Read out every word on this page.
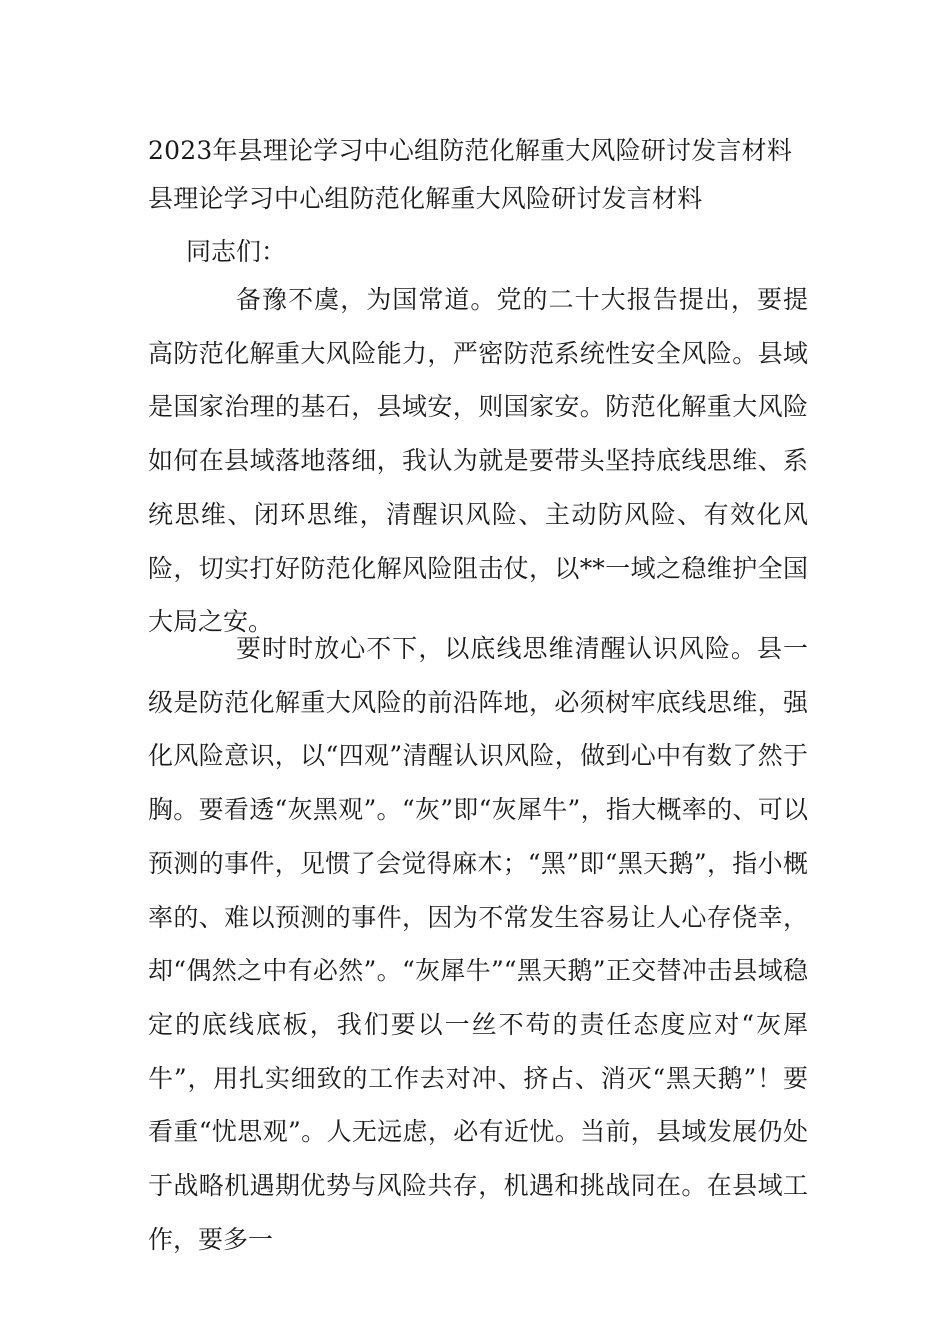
2023年县理论学习中心组防范化解重大风险研讨发言材料
县理论学习中心组防范化解重大风险研讨发言材料
同志们：

备豫不虞，为国常道。党的二十大报告提出，要提高防范化解重大风险能力，严密防范系统性安全风险。县域是国家治理的基石，县域安，则国家安。防范化解重大风险如何在县域落地落细，我认为就是要带头坚持底线思维、系统思维、闭环思维，清醒识风险、主动防风险、有效化风险，切实打好防范化解风险阻击仗，以**一域之稳维护全国大局之安。

要时时放心不下，以底线思维清醒认识风险。县一级是防范化解重大风险的前沿阵地，必须树牢底线思维，强化风险意识，以“四观”清醒认识风险，做到心中有数了然于胸。要看透“灰黑观”。“灰”即“灰犀牛”，指大概率的、可以预测的事件，见惯了会觉得麻木；“黑”即“黑天鹅”，指小概率的、难以预测的事件，因为不常发生容易让人心存侥幸，却“偶然之中有必然”。“灰犀牛”“黑天鹅”正交替冲击县域稳定的底线底板，我们要以一丝不苟的责任态度应对“灰犀牛”，用扎实细致的工作去对冲、挤占、消灭“黑天鹅”！要看重“忧思观”。人无远虑，必有近忧。当前，县域发展仍处于战略机遇期优势与风险共存，机遇和挑战同在。在县域工作，要多一
